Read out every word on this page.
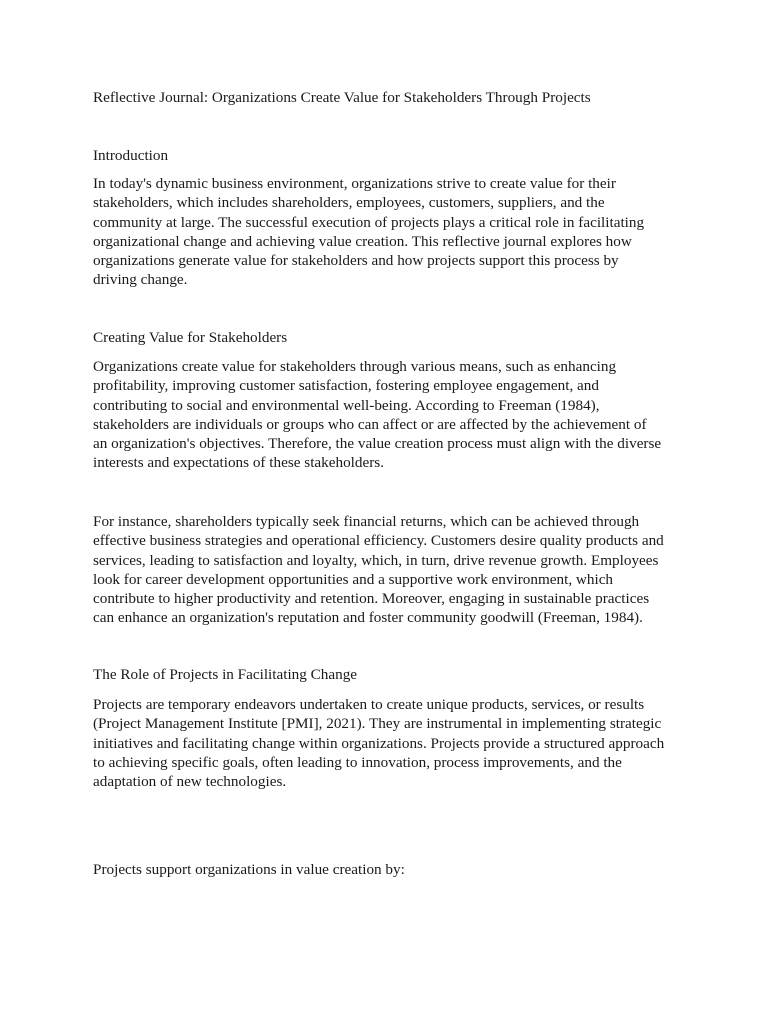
Reflective Journal: Organizations Create Value for Stakeholders Through Projects

Introduction

In today's dynamic business environment, organizations strive to create value for their
stakeholders, which includes shareholders, employees, customers, suppliers, and the
community at large. The successful execution of projects plays a critical role in facilitating
organizational change and achieving value creation. This reflective journal explores how
organizations generate value for stakeholders and how projects support this process by
driving change.

Creating Value for Stakeholders

Organizations create value for stakeholders through various means, such as enhancing
profitability, improving customer satisfaction, fostering employee engagement, and
contributing to social and environmental well-being. According to Freeman (1984),
stakeholders are individuals or groups who can affect or are affected by the achievement of
an organization's objectives. Therefore, the value creation process must align with the diverse
interests and expectations of these stakeholders.

For instance, shareholders typically seek financial returns, which can be achieved through
effective business strategies and operational efficiency. Customers desire quality products and
services, leading to satisfaction and loyalty, which, in turn, drive revenue growth. Employees
look for career development opportunities and a supportive work environment, which
contribute to higher productivity and retention. Moreover, engaging in sustainable practices
can enhance an organization's reputation and foster community goodwill (Freeman, 1984).

The Role of Projects in Facilitating Change

Projects are temporary endeavors undertaken to create unique products, services, or results
(Project Management Institute [PMI], 2021). They are instrumental in implementing strategic
initiatives and facilitating change within organizations. Projects provide a structured approach
to achieving specific goals, often leading to innovation, process improvements, and the
adaptation of new technologies.

Projects support organizations in value creation by:
